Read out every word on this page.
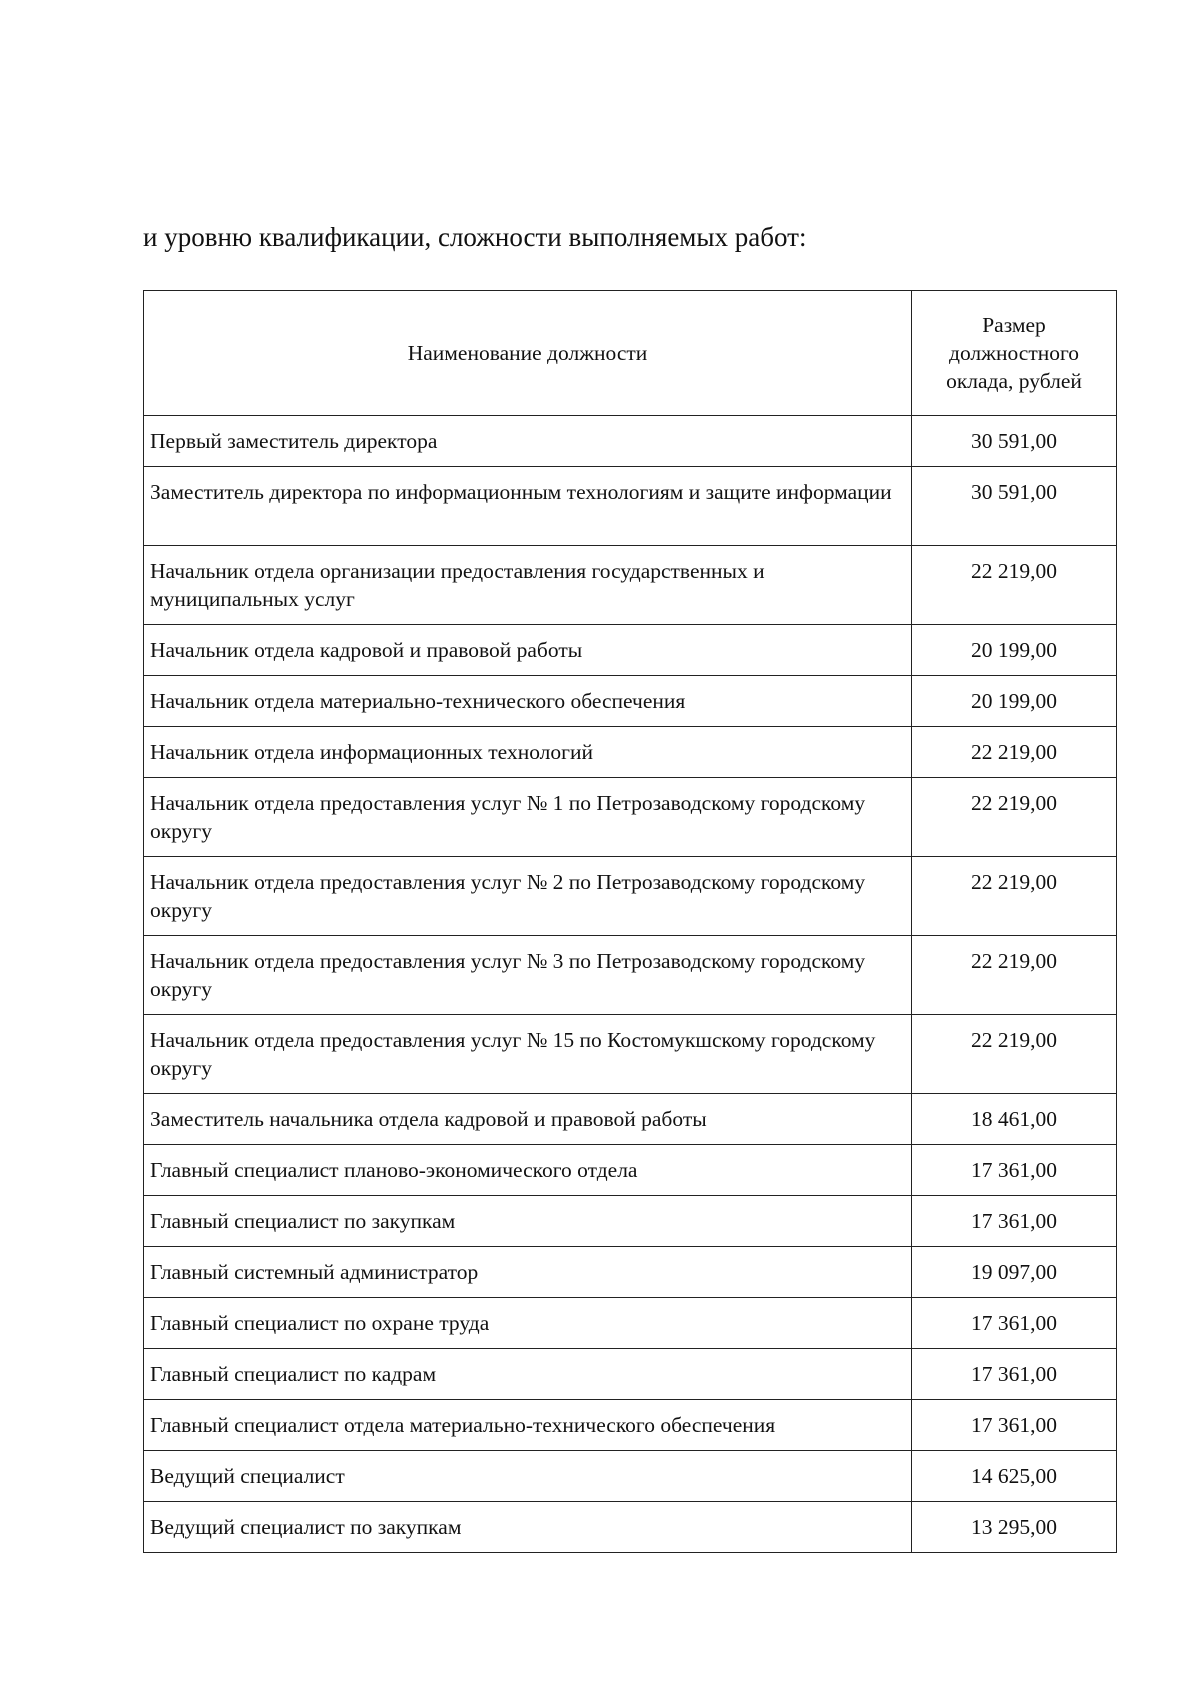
и уровню квалификации, сложности выполняемых работ:

Наименование должности	Размер должностного оклада, рублей
Первый заместитель директора	30 591,00
Заместитель директора по информационным технологиям и защите информации	30 591,00
Начальник отдела организации предоставления государственных и муниципальных услуг	22 219,00
Начальник отдела кадровой и правовой работы	20 199,00
Начальник отдела материально-технического обеспечения	20 199,00
Начальник отдела информационных технологий	22 219,00
Начальник отдела предоставления услуг № 1 по Петрозаводскому городскому округу	22 219,00
Начальник отдела предоставления услуг № 2 по Петрозаводскому городскому округу	22 219,00
Начальник отдела предоставления услуг № 3 по Петрозаводскому городскому округу	22 219,00
Начальник отдела предоставления услуг № 15 по Костомукшскому городскому округу	22 219,00
Заместитель начальника отдела кадровой и правовой работы	18 461,00
Главный специалист планово-экономического отдела	17 361,00
Главный специалист по закупкам	17 361,00
Главный системный администратор	19 097,00
Главный специалист по охране труда	17 361,00
Главный специалист по кадрам	17 361,00
Главный специалист отдела материально-технического обеспечения	17 361,00
Ведущий специалист	14 625,00
Ведущий специалист по закупкам	13 295,00
